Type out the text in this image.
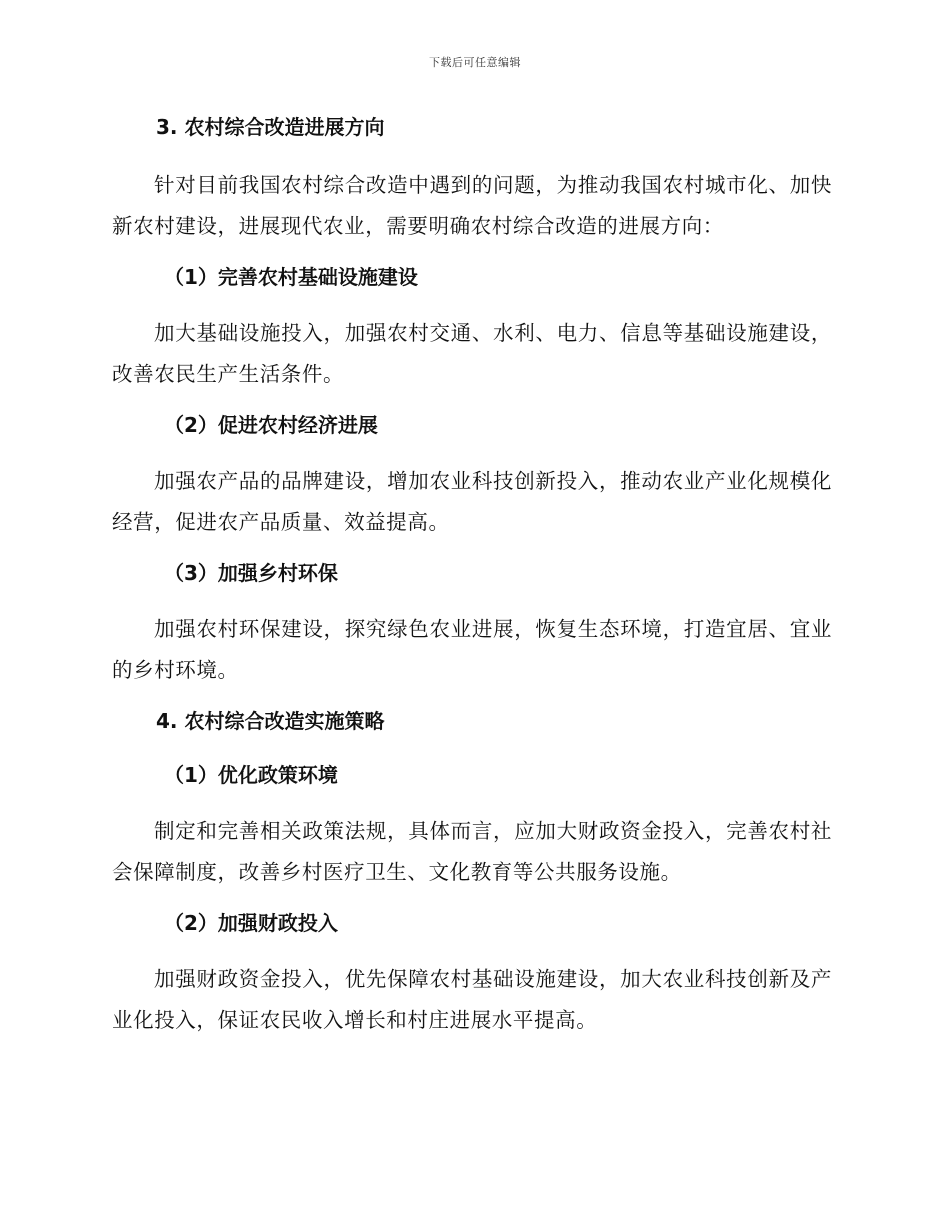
下载后可任意编辑
3. 农村综合改造进展方向

针对目前我国农村综合改造中遇到的问题，为推动我国农村城市化、加快新农村建设，进展现代农业，需要明确农村综合改造的进展方向：

（1）完善农村基础设施建设

加大基础设施投入，加强农村交通、水利、电力、信息等基础设施建设，改善农民生产生活条件。

（2）促进农村经济进展

加强农产品的品牌建设，增加农业科技创新投入，推动农业产业化规模化经营，促进农产品质量、效益提高。

（3）加强乡村环保

加强农村环保建设，探究绿色农业进展，恢复生态环境，打造宜居、宜业的乡村环境。

4. 农村综合改造实施策略
（1）优化政策环境

制定和完善相关政策法规，具体而言，应加大财政资金投入，完善农村社会保障制度，改善乡村医疗卫生、文化教育等公共服务设施。

（2）加强财政投入

加强财政资金投入，优先保障农村基础设施建设，加大农业科技创新及产业化投入，保证农民收入增长和村庄进展水平提高。
